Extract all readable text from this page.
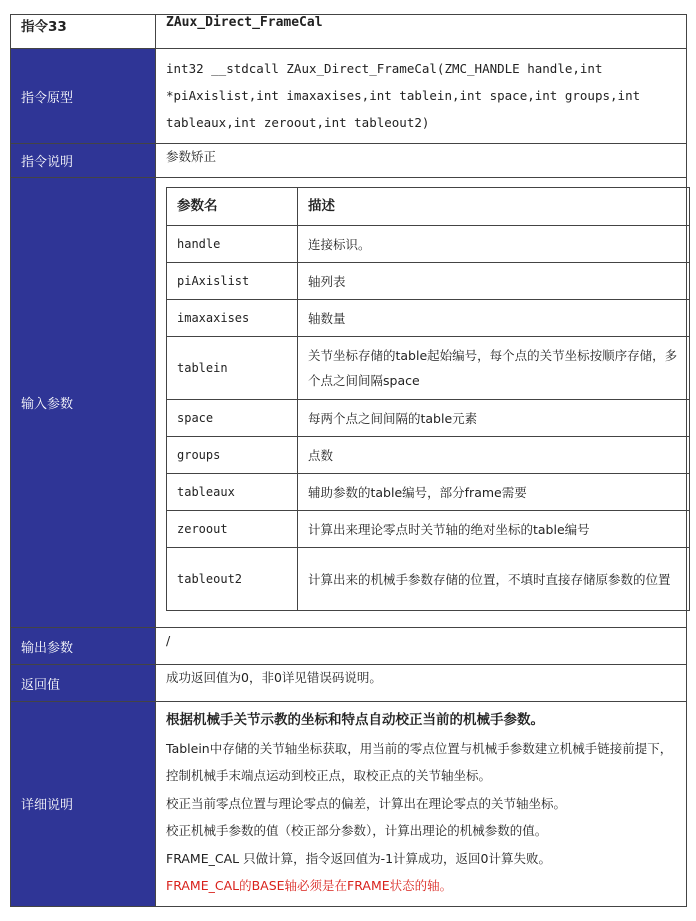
指令33	ZAux_Direct_FrameCal
指令原型	int32 __stdcall ZAux_Direct_FrameCal(ZMC_HANDLE handle,int *piAxislist,int imaxaxises,int tablein,int space,int groups,int tableaux,int zeroout,int tableout2)
指令说明	参数矫正
输入参数	
参数名	描述
handle	连接标识。
piAxislist	轴列表
imaxaxises	轴数量
tablein	关节坐标存储的table起始编号，每个点的关节坐标按顺序存储，多个点之间间隔space
space	每两个点之间间隔的table元素
groups	点数
tableaux	辅助参数的table编号，部分frame需要
zeroout	计算出来理论零点时关节轴的绝对坐标的table编号
tableout2	计算出来的机械手参数存储的位置，不填时直接存储原参数的位置

输出参数	/
返回值	成功返回值为0，非0详见错误码说明。
详细说明	
根据机械手关节示教的坐标和特点自动校正当前的机械手参数。
Tablein中存储的关节轴坐标获取，用当前的零点位置与机械手参数建立机械手链接前提下，控制机械手末端点运动到校正点，取校正点的关节轴坐标。
校正当前零点位置与理论零点的偏差，计算出在理论零点的关节轴坐标。
校正机械手参数的值（校正部分参数），计算出理论的机械参数的值。
FRAME_CAL 只做计算，指令返回值为-1计算成功，返回0计算失败。
FRAME_CAL的BASE轴必须是在FRAME状态的轴。
